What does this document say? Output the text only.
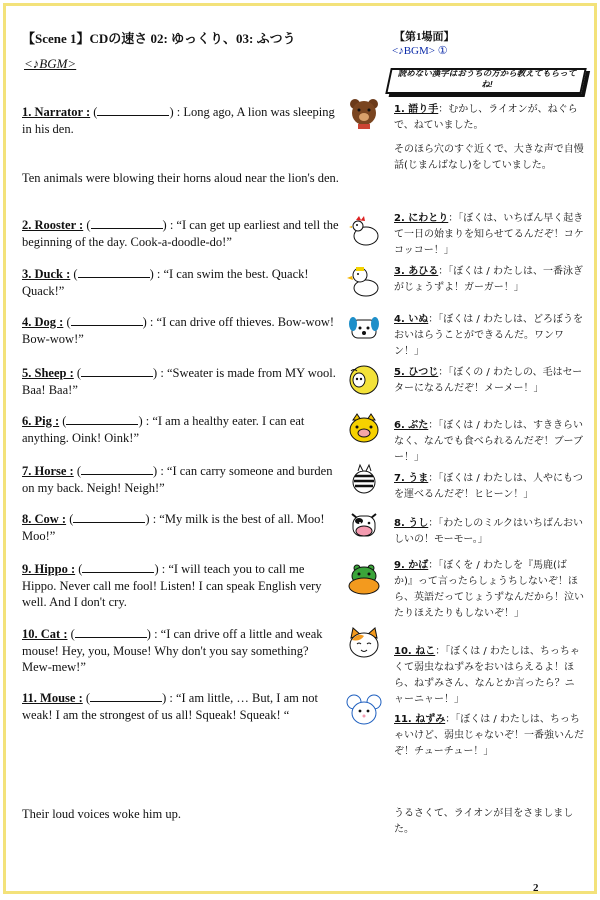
【Scene 1】CDの速さ 02: ゆっくり、03: ふつう
<♪BGM>
【第1場面】
<♪BGM> ①
読めない漢字はおうちの方から教えてもらってね!
1. Narrator : (	) : Long ago, A lion was sleeping in his den.
1. 語り手：むかし、ライオンが、ねぐらで、ねていました。
Ten animals were blowing their horns aloud near the lion's den.
そのほら穴のすぐ近くで、大きな声で自慢話(じまんばなし)をしていました。
2. Rooster : (	) : “I can get up earliest and tell the beginning of the day. Cook-a-doodle-do!”
2. にわとり：「ぼくは、いちばん早く起きて一日の始まりを知らせてるんだぞ！コケコッコー！」
3. Duck : (	) : “I can swim the best. Quack! Quack!”
3. あひる：「ぼくは / わたしは、一番泳ぎがじょうずよ！ガーガー！」
4. Dog : (	) : “I can drive off thieves. Bow-wow! Bow-wow!”
4. いぬ：「ぼくは / わたしは、どろぼうをおいはらうことができるんだ。ワンワン！」
5. Sheep : (	) : “Sweater is made from MY wool. Baa! Baa!”
5. ひつじ：「ぼくの / わたしの、毛はセーターになるんだぞ！メーメー！」
6. Pig : (	) : “I am a healthy eater. I can eat anything. Oink! Oink!”
6. ぶた：「ぼくは / わたしは、すききらいなく、なんでも食べられるんだぞ！ブーブー！」
7. Horse : (	) : “I can carry someone and burden on my back. Neigh! Neigh!”
7. うま：「ぼくは / わたしは、人やにもつを運べるんだぞ！ヒヒーン！」
8. Cow : (	) : “My milk is the best of all. Moo! Moo!”
8. うし：「わたしのミルクはいちばんおいしいの！モーモー。」
9. Hippo : (	) : “I will teach you to call me Hippo. Never call me fool! Listen! I can speak English very well. And I don't cry.
9. かば：「ぼくを / わたしを『馬鹿(ばか)』って言ったらしょうちしないぞ！ほら、英語だってじょうずなんだから！泣いたりほえたりもしないぞ！」
10. Cat : (	) : “I can drive off a little and weak mouse! Hey, you, Mouse! Why don't you say something? Mew-mew!”
10. ねこ：「ぼくは / わたしは、ちっちゃくて弱虫なねずみをおいはらえるよ！ほら、ねずみさん、なんとか言ったら？ニャーニャー！」
11. Mouse : (	) : “I am little, … But, I am not weak! I am the strongest of us all! Squeak! Squeak! “	11. ねずみ：「ぼくは / わたしは、ちっちゃいけど、弱虫じゃないぞ！一番強いんだぞ！チューチュー！」
Their loud voices woke him up.	うるさくて、ライオンが目をさましました。
2
